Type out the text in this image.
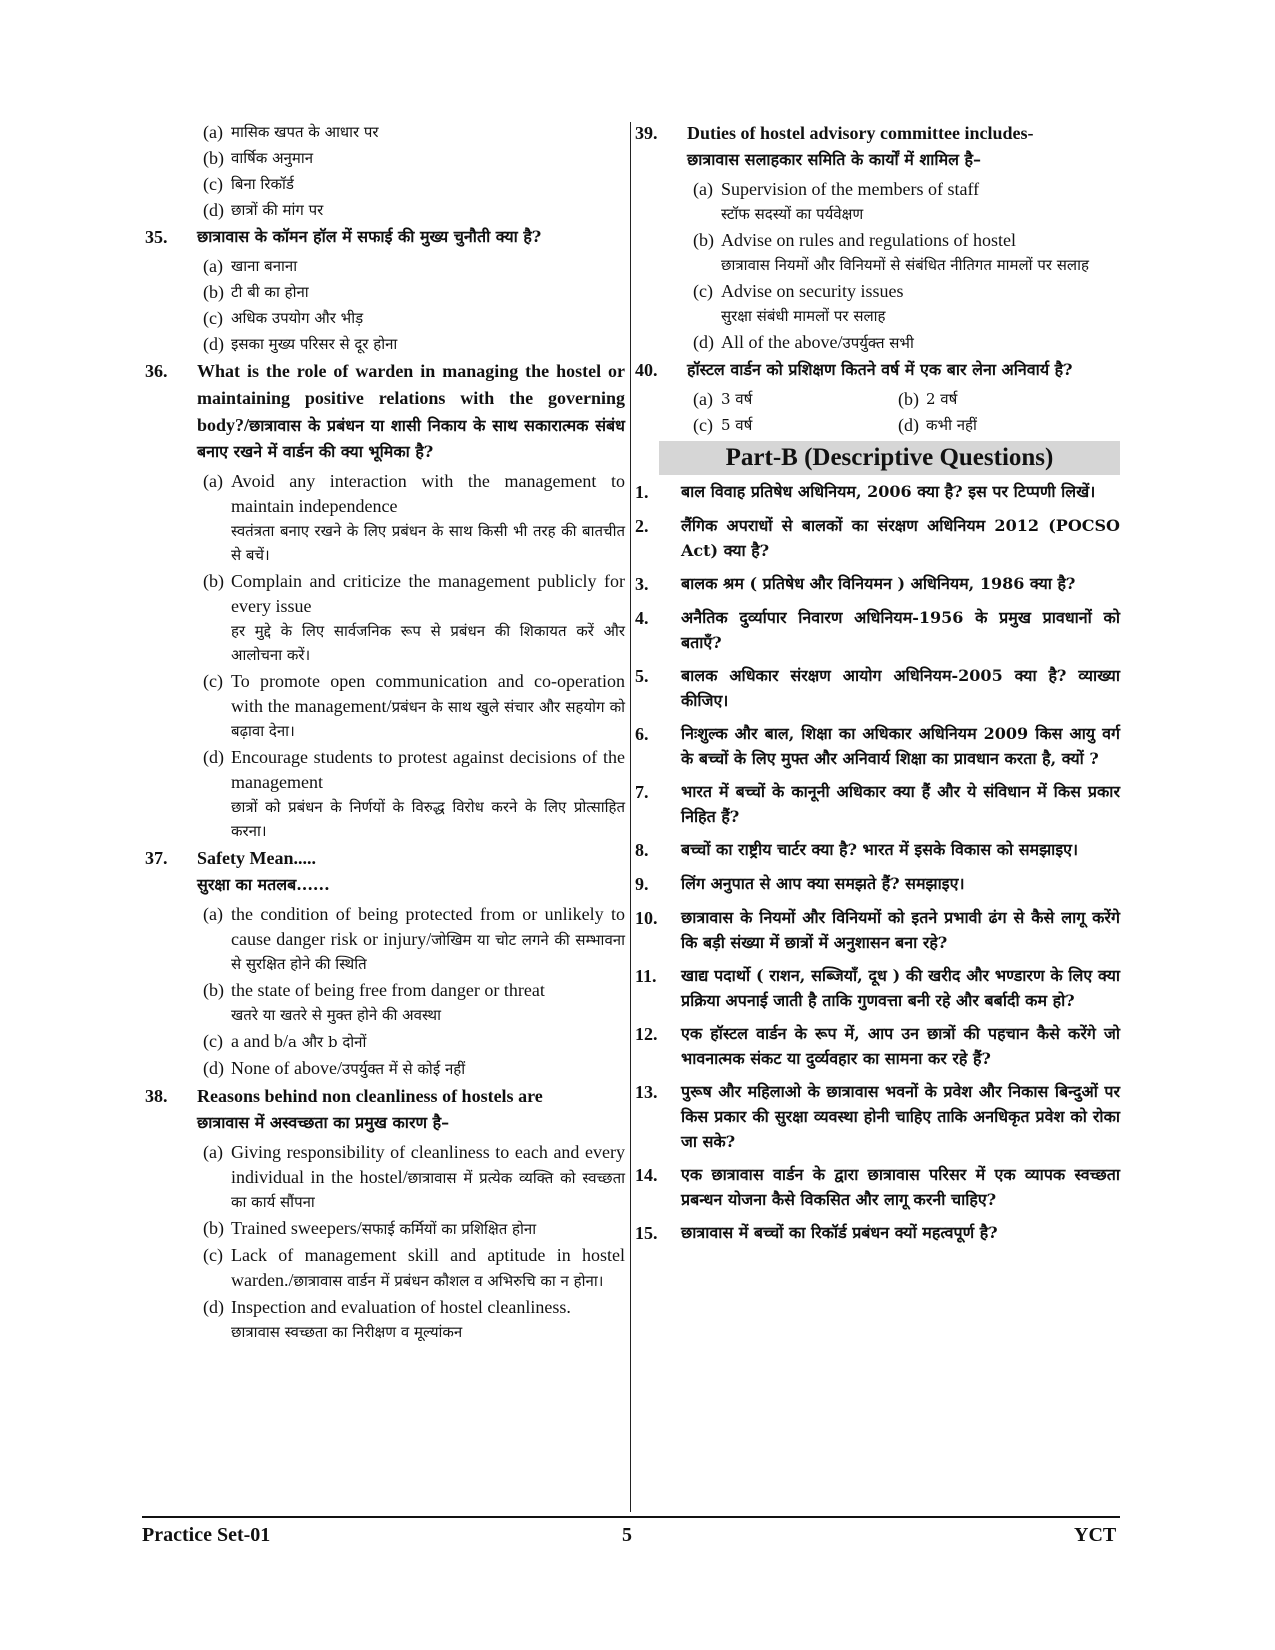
(a) मासिक खपत के आधार पर
(b) वार्षिक अनुमान
(c) बिना रिकॉर्ड
(d) छात्रों की मांग पर
35.	छात्रावास के कॉमन हॉल में सफाई की मुख्य चुनौती क्या है?
(a) खाना बनाना
(b) टी बी का होना
(c) अधिक उपयोग और भीड़
(d) इसका मुख्य परिसर से दूर होना
36.	What is the role of warden in managing the hostel or maintaining positive relations with the governing body?/छात्रावास के प्रबंधन या शासी निकाय के साथ सकारात्मक संबंध बनाए रखने में वार्डन की क्या भूमिका है?
(a) Avoid any interaction with the management to maintain independence
स्वतंत्रता बनाए रखने के लिए प्रबंधन के साथ किसी भी तरह की बातचीत से बचें।
(b) Complain and criticize the management publicly for every issue
हर मुद्दे के लिए सार्वजनिक रूप से प्रबंधन की शिकायत करें और आलोचना करें।
(c) To promote open communication and co-operation with the management/प्रबंधन के साथ खुले संचार और सहयोग को बढ़ावा देना।
(d) Encourage students to protest against decisions of the management
छात्रों को प्रबंधन के निर्णयों के विरुद्ध विरोध करने के लिए प्रोत्साहित करना।
37.	Safety Mean.....
सुरक्षा का मतलब......
(a) the condition of being protected from or unlikely to cause danger risk or injury/जोखिम या चोट लगने की सम्भावना से सुरक्षित होने की स्थिति
(b) the state of being free from danger or threat
खतरे या खतरे से मुक्त होने की अवस्था
(c) a and b/a और b दोनों
(d) None of above/उपर्युक्त में से कोई नहीं
38.	Reasons behind non cleanliness of hostels are
छात्रावास में अस्वच्छता का प्रमुख कारण है–
(a) Giving responsibility of cleanliness to each and every individual in the hostel/छात्रावास में प्रत्येक व्यक्ति को स्वच्छता का कार्य सौंपना
(b) Trained sweepers/सफाई कर्मियों का प्रशिक्षित होना
(c) Lack of management skill and aptitude in hostel warden./छात्रावास वार्डन में प्रबंधन कौशल व अभिरुचि का न होना।
(d) Inspection and evaluation of hostel cleanliness.
छात्रावास स्वच्छता का निरीक्षण व मूल्यांकन
39.	Duties of hostel advisory committee includes-
छात्रावास सलाहकार समिति के कार्यों में शामिल है–
(a) Supervision of the members of staff
स्टॉफ सदस्यों का पर्यवेक्षण
(b) Advise on rules and regulations of hostel
छात्रावास नियमों और विनियमों से संबंधित नीतिगत मामलों पर सलाह
(c) Advise on security issues
सुरक्षा संबंधी मामलों पर सलाह
(d) All of the above/उपर्युक्त सभी
40.	हॉस्टल वार्डन को प्रशिक्षण कितने वर्ष में एक बार लेना अनिवार्य है?
(a) 3 वर्ष	(b) 2 वर्ष
(c) 5 वर्ष	(d) कभी नहीं
Part-B (Descriptive Questions)
1.	बाल विवाह प्रतिषेध अधिनियम, 2006 क्या है? इस पर टिप्पणी लिखें।
2.	लैंगिक अपराधों से बालकों का संरक्षण अधिनियम 2012 (POCSO Act) क्या है?
3.	बालक श्रम ( प्रतिषेध और विनियमन ) अधिनियम, 1986 क्या है?
4.	अनैतिक दुर्व्यापार निवारण अधिनियम-1956 के प्रमुख प्रावधानों को बताएँ?
5.	बालक अधिकार संरक्षण आयोग अधिनियम-2005 क्या है? व्याख्या कीजिए।
6.	निःशुल्क और बाल, शिक्षा का अधिकार अधिनियम 2009 किस आयु वर्ग के बच्चों के लिए मुफ्त और अनिवार्य शिक्षा का प्रावधान करता है, क्यों ?
7.	भारत में बच्चों के कानूनी अधिकार क्या हैं और ये संविधान में किस प्रकार निहित हैं?
8.	बच्चों का राष्ट्रीय चार्टर क्या है? भारत में इसके विकास को समझाइए।
9.	लिंग अनुपात से आप क्या समझते हैं? समझाइए।
10.	छात्रावास के नियमों और विनियमों को इतने प्रभावी ढंग से कैसे लागू करेंगे कि बड़ी संख्या में छात्रों में अनुशासन बना रहे?
11.	खाद्य पदार्थो ( राशन, सब्जियाँ, दूध ) की खरीद और भण्डारण के लिए क्या प्रक्रिया अपनाई जाती है ताकि गुणवत्ता बनी रहे और बर्बादी कम हो?
12.	एक हॉस्टल वार्डन के रूप में, आप उन छात्रों की पहचान कैसे करेंगे जो भावनात्मक संकट या दुर्व्यवहार का सामना कर रहे हैं?
13.	पुरूष और महिलाओ के छात्रावास भवनों के प्रवेश और निकास बिन्दुओं पर किस प्रकार की सुरक्षा व्यवस्था होनी चाहिए ताकि अनधिकृत प्रवेश को रोका जा सके?
14.	एक छात्रावास वार्डन के द्वारा छात्रावास परिसर में एक व्यापक स्वच्छता प्रबन्धन योजना कैसे विकसित और लागू करनी चाहिए?
15.	छात्रावास में बच्चों का रिकॉर्ड प्रबंधन क्यों महत्वपूर्ण है?
Practice Set-01	5	YCT
